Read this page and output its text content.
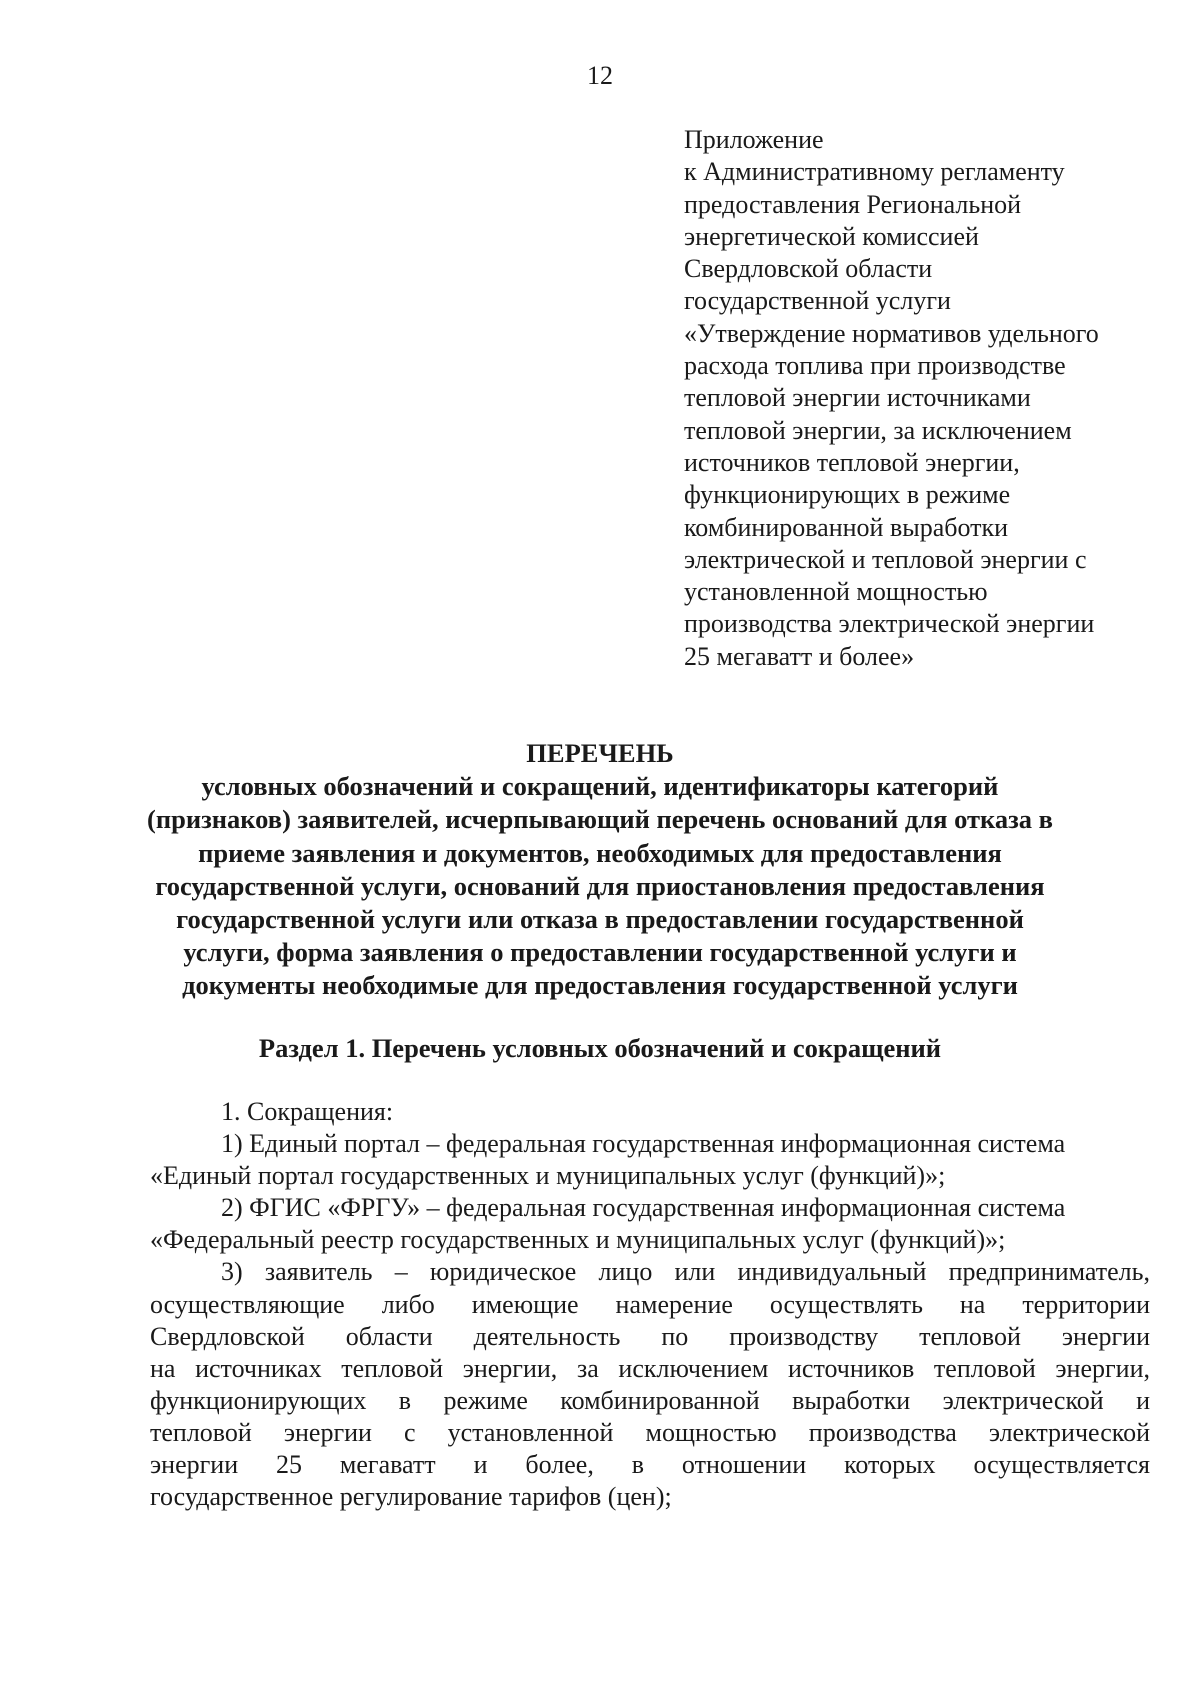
12
Приложение
к Административному регламенту
предоставления Региональной
энергетической комиссией
Свердловской области
государственной услуги
«Утверждение нормативов удельного
расхода топлива при производстве
тепловой энергии источниками
тепловой энергии, за исключением
источников тепловой энергии,
функционирующих в режиме
комбинированной выработки
электрической и тепловой энергии с
установленной мощностью
производства электрической энергии
25 мегаватт и более»
ПЕРЕЧЕНЬ
условных обозначений и сокращений, идентификаторы категорий
(признаков) заявителей, исчерпывающий перечень оснований для отказа в
приеме заявления и документов, необходимых для предоставления
государственной услуги, оснований для приостановления предоставления
государственной услуги или отказа в предоставлении государственной
услуги, форма заявления о предоставлении государственной услуги и
документы необходимые для предоставления государственной услуги
Раздел 1. Перечень условных обозначений и сокращений
1. Сокращения:
1) Единый портал – федеральная государственная информационная система
«Единый портал государственных и муниципальных услуг (функций)»;
2) ФГИС «ФРГУ» – федеральная государственная информационная система
«Федеральный реестр государственных и муниципальных услуг (функций)»;
3) заявитель – юридическое лицо или индивидуальный предприниматель,
осуществляющие либо имеющие намерение осуществлять на территории
Свердловской области деятельность по производству тепловой энергии
на источниках тепловой энергии, за исключением источников тепловой энергии,
функционирующих в режиме комбинированной выработки электрической и
тепловой энергии с установленной мощностью производства электрической
энергии 25 мегаватт и более, в отношении которых осуществляется
государственное регулирование тарифов (цен);
